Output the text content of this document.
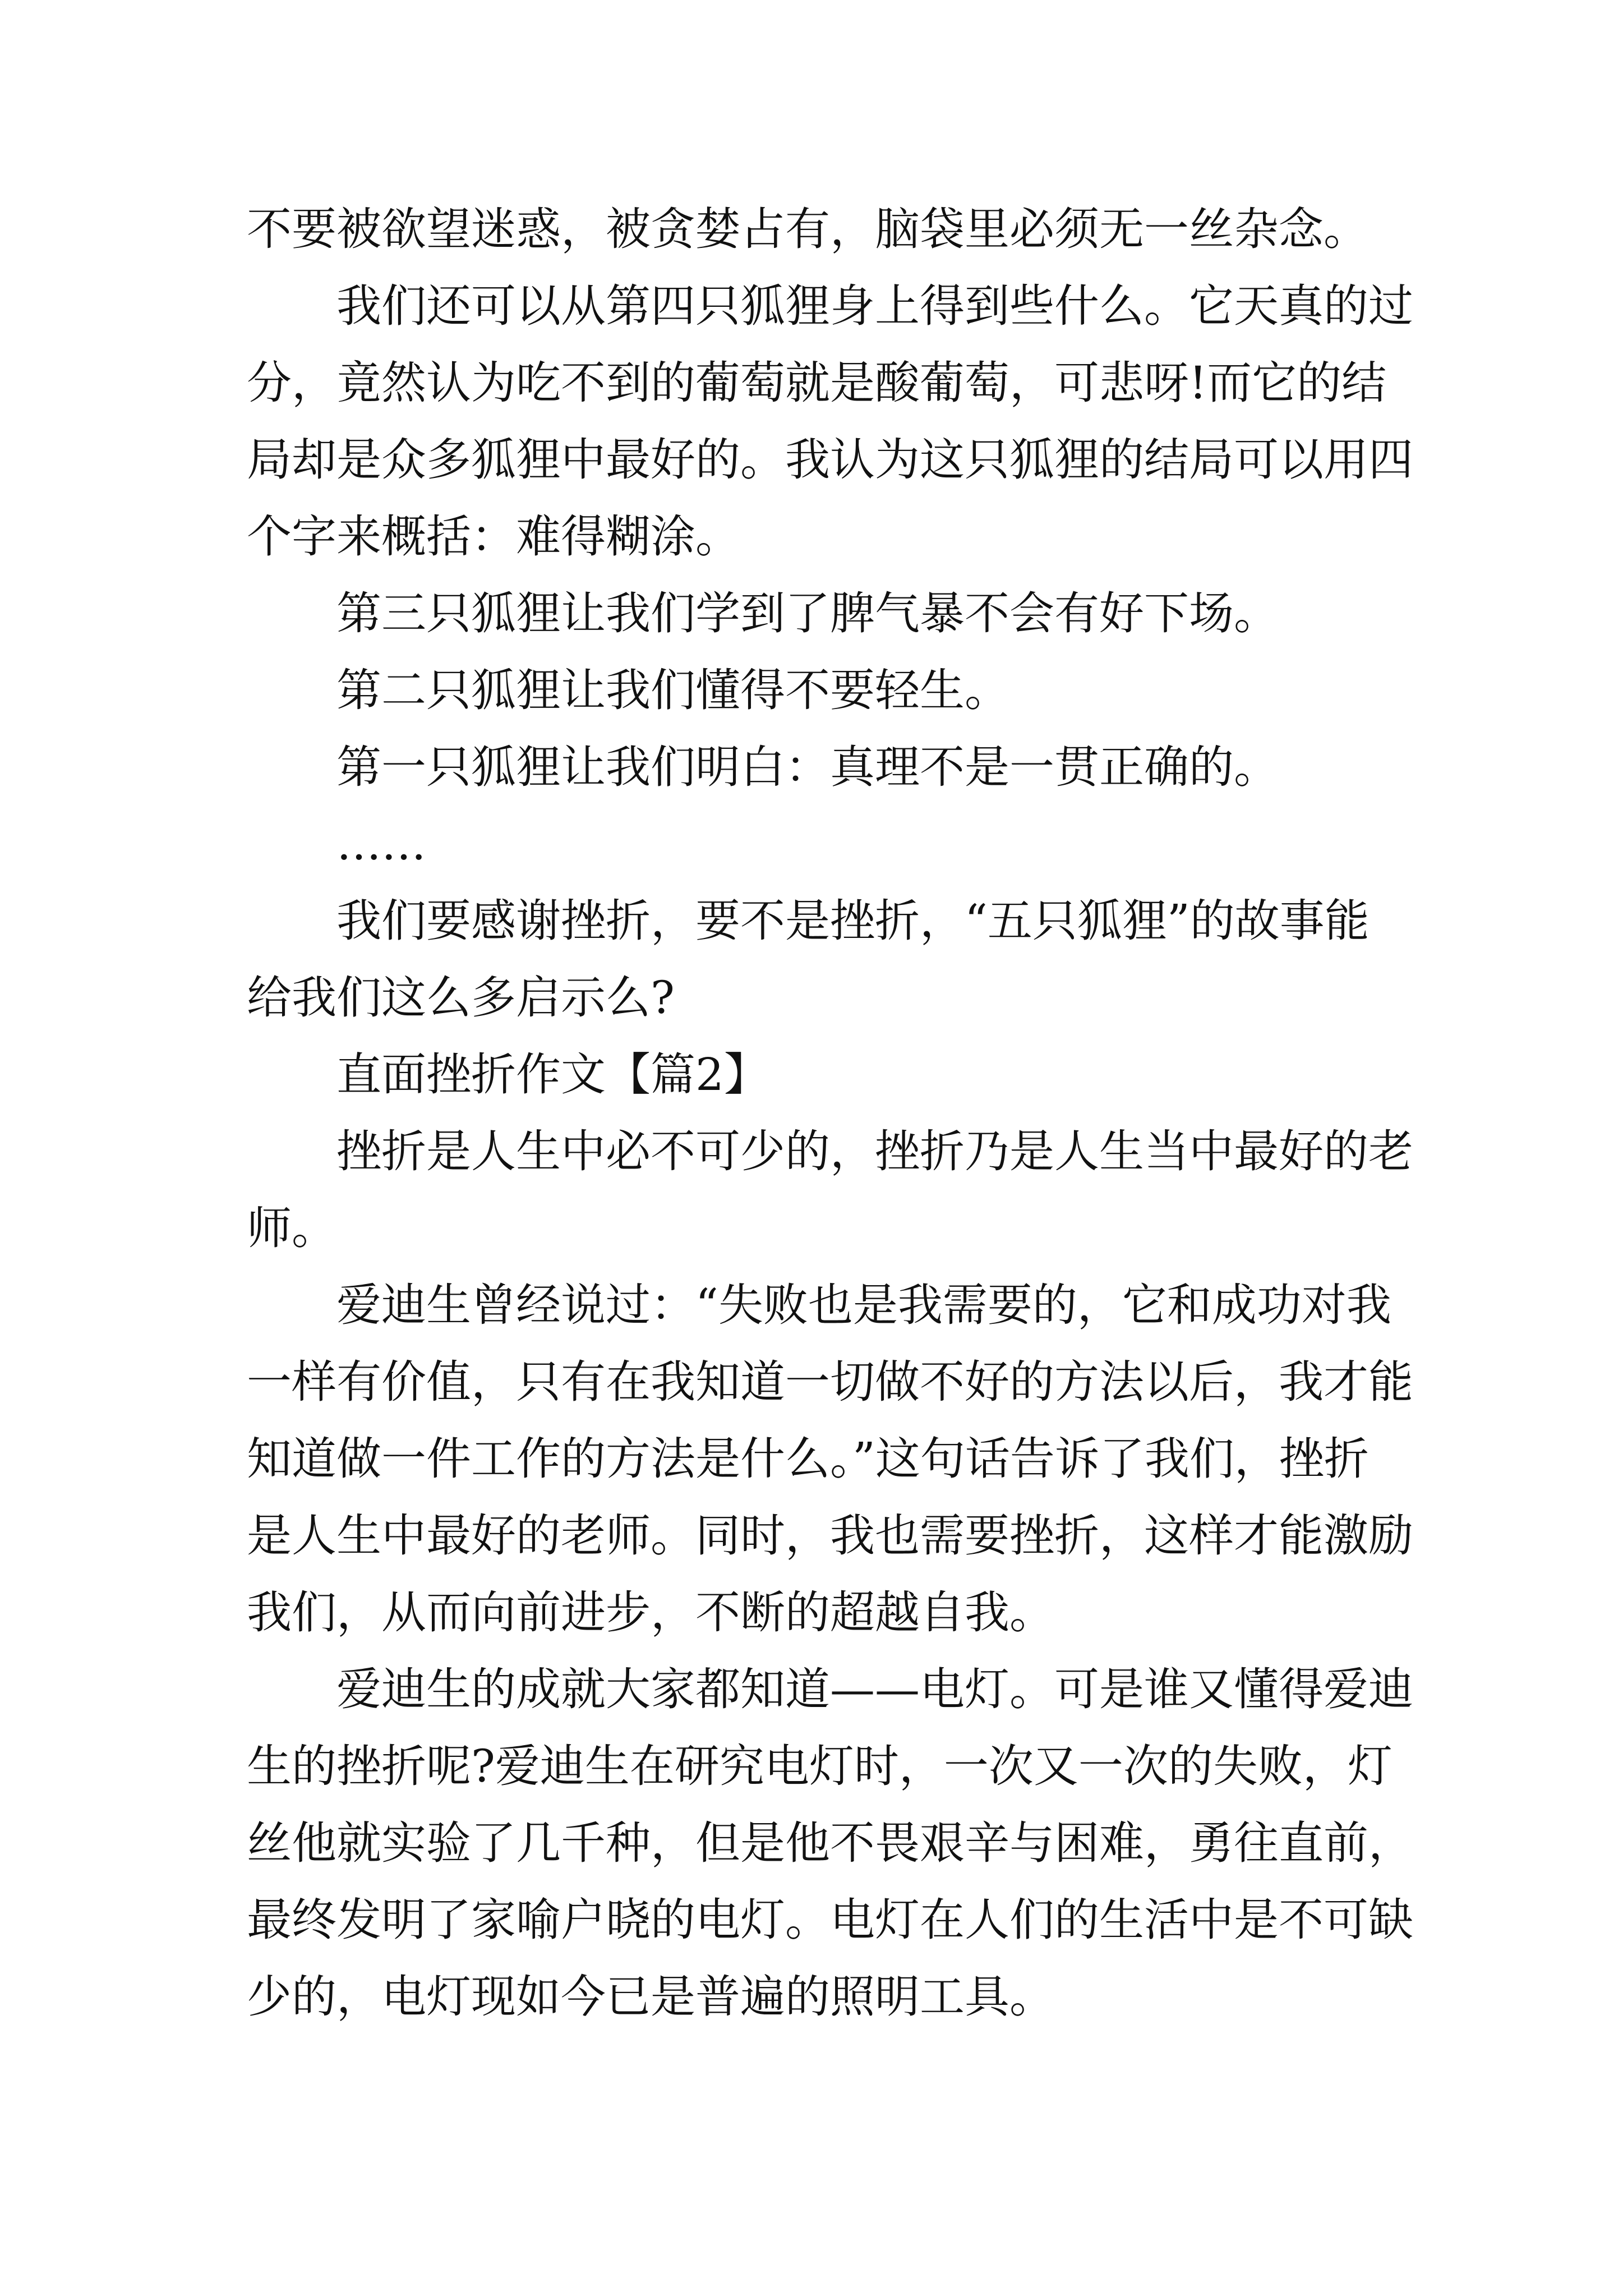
不要被欲望迷惑，被贪婪占有，脑袋里必须无一丝杂念。
我们还可以从第四只狐狸身上得到些什么。它天真的过
分，竟然认为吃不到的葡萄就是酸葡萄，可悲呀!而它的结
局却是众多狐狸中最好的。我认为这只狐狸的结局可以用四
个字来概括：难得糊涂。
第三只狐狸让我们学到了脾气暴不会有好下场。
第二只狐狸让我们懂得不要轻生。
第一只狐狸让我们明白：真理不是一贯正确的。
……
我们要感谢挫折，要不是挫折，“五只狐狸”的故事能
给我们这么多启示么?
直面挫折作文【篇2】
挫折是人生中必不可少的，挫折乃是人生当中最好的老
师。
爱迪生曾经说过：“失败也是我需要的，它和成功对我
一样有价值，只有在我知道一切做不好的方法以后，我才能
知道做一件工作的方法是什么。”这句话告诉了我们，挫折
是人生中最好的老师。同时，我也需要挫折，这样才能激励
我们，从而向前进步，不断的超越自我。
爱迪生的成就大家都知道——电灯。可是谁又懂得爱迪
生的挫折呢?爱迪生在研究电灯时，一次又一次的失败，灯
丝他就实验了几千种，但是他不畏艰辛与困难，勇往直前，
最终发明了家喻户晓的电灯。电灯在人们的生活中是不可缺
少的，电灯现如今已是普遍的照明工具。
